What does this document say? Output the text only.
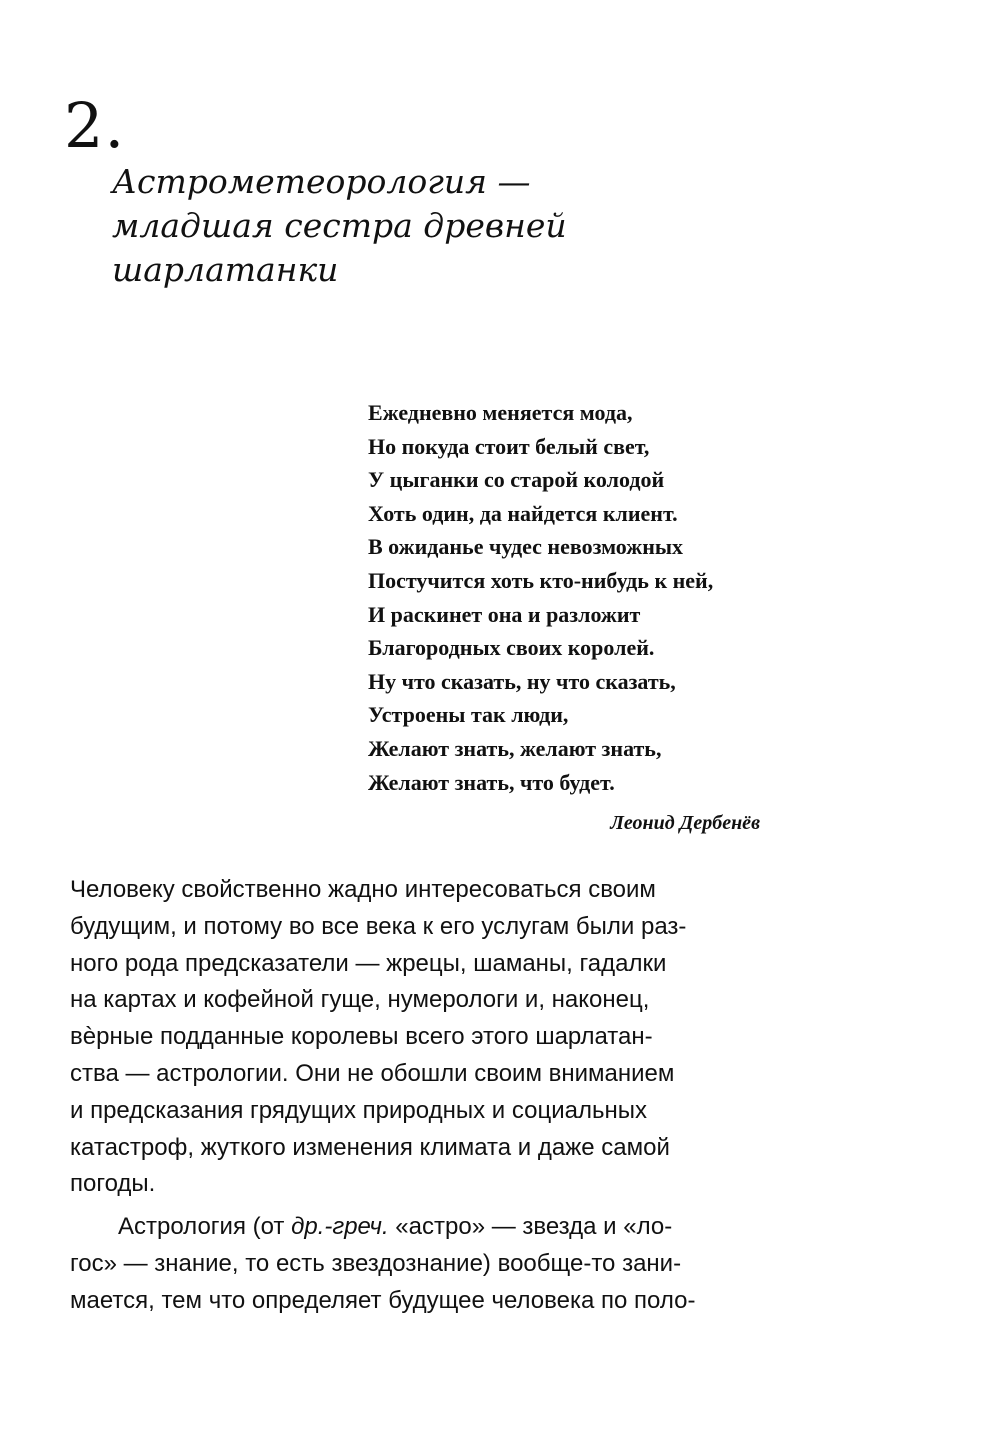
2.
Астрометеорология —
младшая сестра древней
шарлатанки
Ежедневно меняется мода,
Но покуда стоит белый свет,
У цыганки со старой колодой
Хоть один, да найдется клиент.
В ожиданье чудес невозможных
Постучится хоть кто-нибудь к ней,
И раскинет она и разложит
Благородных своих королей.
Ну что сказать, ну что сказать,
Устроены так люди,
Желают знать, желают знать,
Желают знать, что будет.
Леонид Дербенёв
Человеку свойственно жадно интересоваться своим
будущим, и потому во все века к его услугам были раз-
ного рода предсказатели — жрецы, шаманы, гадалки
на картах и кофейной гуще, нумерологи и, наконец,
вѐрные подданные королевы всего этого шарлатан-
ства — астрологии. Они не обошли своим вниманием
и предсказания грядущих природных и социальных
катастроф, жуткого изменения климата и даже самой
погоды.
Астрология (от др.-греч. «астро» — звезда и «ло-
гос» — знание, то есть звездознание) вообще-то зани-
мается, тем что определяет будущее человека по поло-
